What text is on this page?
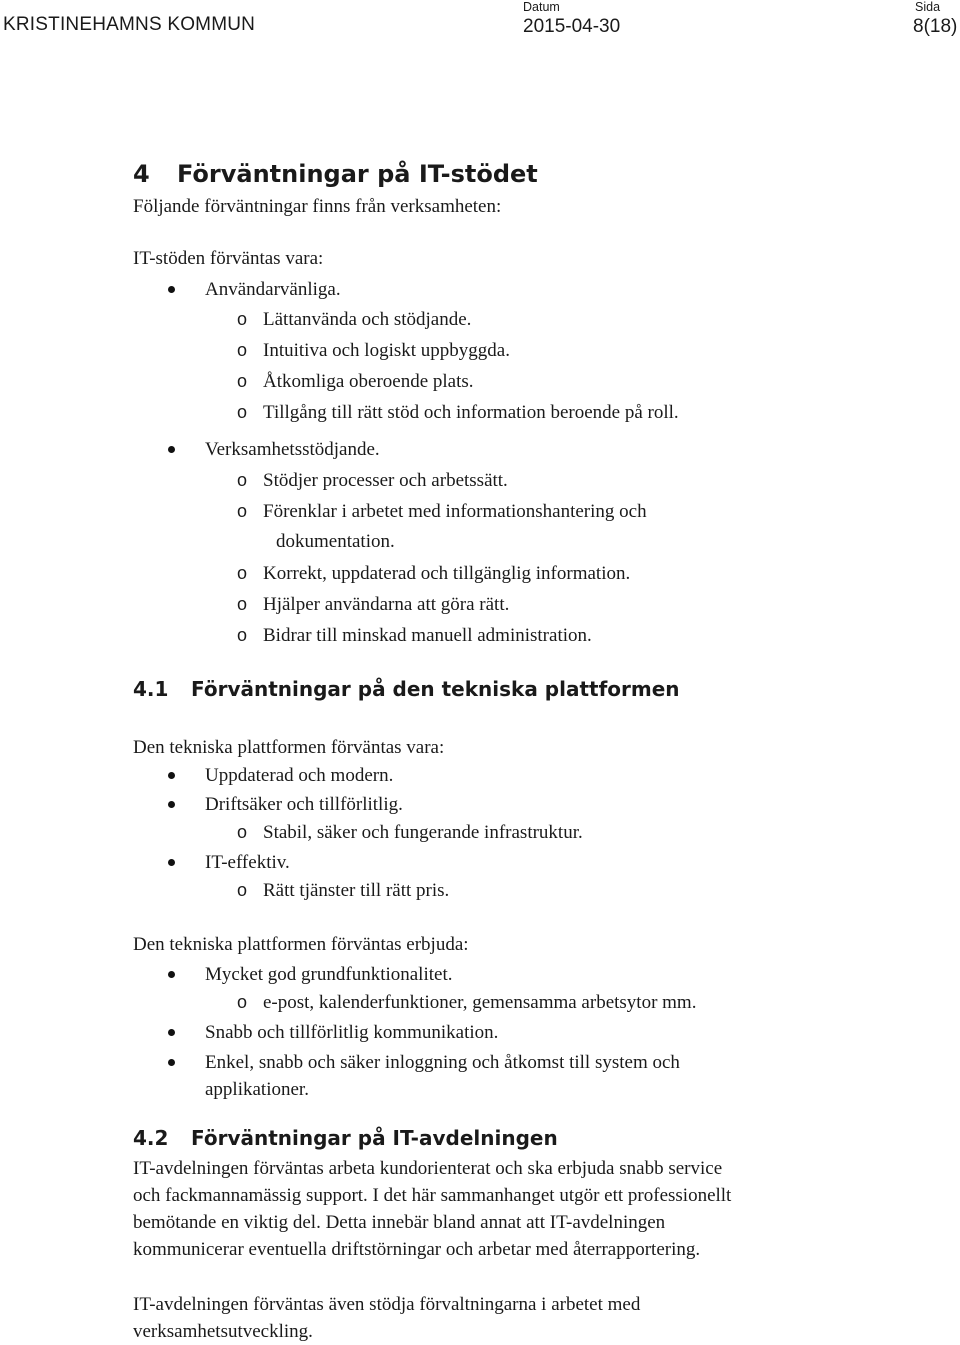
KRISTINEHAMNS KOMMUN
Datum
2015-04-30
Sida
8(18)
4 Förväntningar på IT-stödet

Följande förväntningar finns från verksamheten:

IT-stöden förväntas vara:

Användarvänliga.
o Lättanvända och stödjande.
o Intuitiva och logiskt uppbyggda.
o Åtkomliga oberoende plats.
o Tillgång till rätt stöd och information beroende på roll.
Verksamhetsstödjande.
o Stödjer processer och arbetssätt.
o Förenklar i arbetet med informationshantering och
dokumentation.
o Korrekt, uppdaterad och tillgänglig information.
o Hjälper användarna att göra rätt.
o Bidrar till minskad manuell administration.
4.1 Förväntningar på den tekniska plattformen

Den tekniska plattformen förväntas vara:

Uppdaterad och modern.
Driftsäker och tillförlitlig.
o Stabil, säker och fungerande infrastruktur.
IT-effektiv.
o Rätt tjänster till rätt pris.

Den tekniska plattformen förväntas erbjuda:

Mycket god grundfunktionalitet.
o e-post, kalenderfunktioner, gemensamma arbetsytor mm.
Snabb och tillförlitlig kommunikation.
Enkel, snabb och säker inloggning och åtkomst till system och
applikationer.
4.2 Förväntningar på IT-avdelningen

IT-avdelningen förväntas arbeta kundorienterat och ska erbjuda snabb service

och fackmannamässig support. I det här sammanhanget utgör ett professionellt

bemötande en viktig del. Detta innebär bland annat att IT-avdelningen

kommunicerar eventuella driftstörningar och arbetar med återrapportering.

IT-avdelningen förväntas även stödja förvaltningarna i arbetet med

verksamhetsutveckling.
